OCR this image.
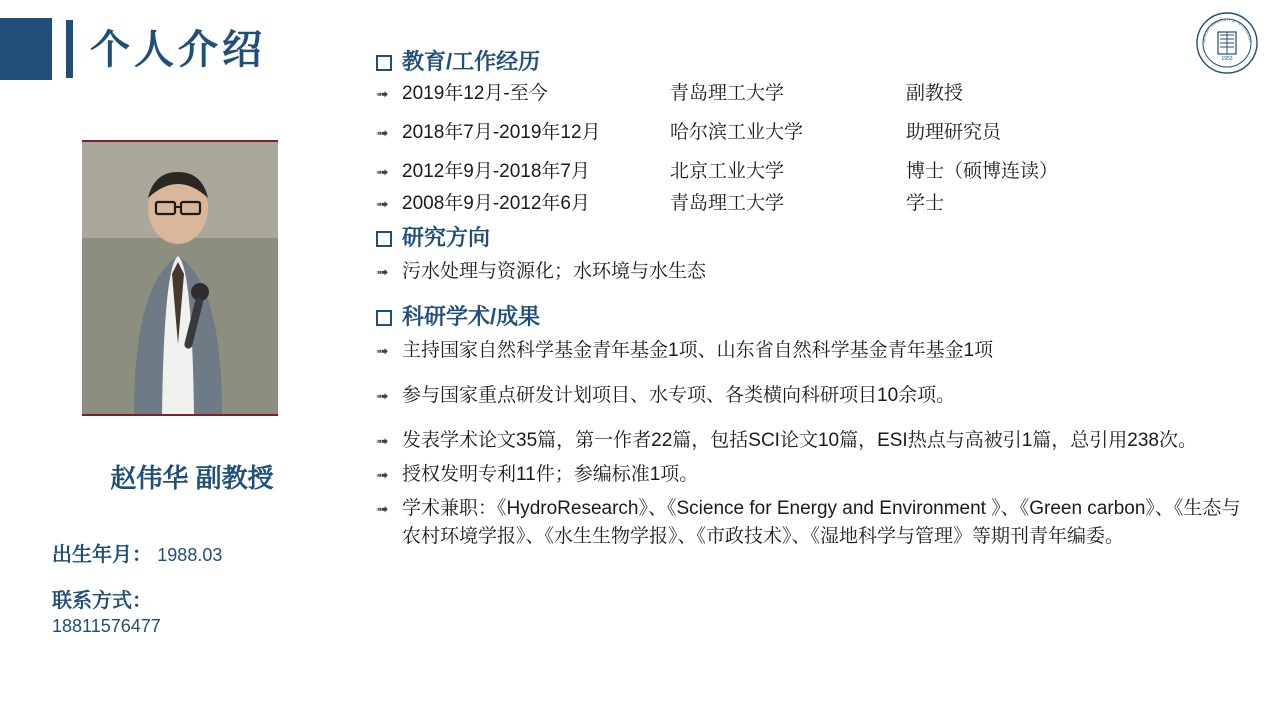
个人介绍	1953
QINGDAO UNIVERSITY OF TECHNOLOGY
赵伟华 副教授
出生年月： 1988.03
联系方式：
18811576477
教育/工作经历
➟ 2019年12月-至今	青岛理工大学	副教授
➟ 2018年7月-2019年12月	哈尔滨工业大学	助理研究员
➟ 2012年9月-2018年7月	北京工业大学	博士（硕博连读）
➟ 2008年9月-2012年6月	青岛理工大学	学士
研究方向
➟ 污水处理与资源化；水环境与水生态
科研学术/成果
➟ 主持国家自然科学基金青年基金1项、山东省自然科学基金青年基金1项
➟ 参与国家重点研发计划项目、水专项、各类横向科研项目10余项。
➟ 发表学术论文35篇，第一作者22篇，包括SCI论文10篇，ESI热点与高被引1篇，总引用238次。
➟ 授权发明专利11件；参编标准1项。
➟ 学术兼职：《HydroResearch》、《Science for Energy and Environment 》、《Green carbon》、《生态与农村环境学报》、《水生生物学报》、《市政技术》、《湿地科学与管理》等期刊青年编委。
